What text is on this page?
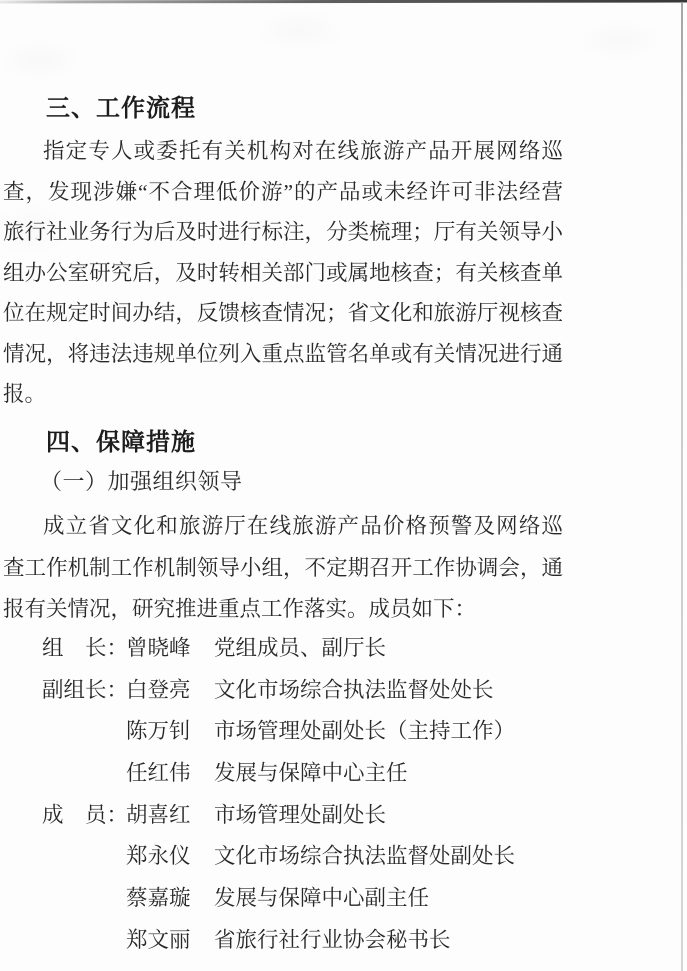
三、工作流程
指定专人或委托有关机构对在线旅游产品开展网络巡
查，发现涉嫌“不合理低价游”的产品或未经许可非法经营
旅行社业务行为后及时进行标注，分类梳理；厅有关领导小
组办公室研究后，及时转相关部门或属地核查；有关核查单
位在规定时间办结，反馈核查情况；省文化和旅游厅视核查
情况，将违法违规单位列入重点监管名单或有关情况进行通
报。
四、保障措施
（一）加强组织领导
成立省文化和旅游厅在线旅游产品价格预警及网络巡
查工作机制工作机制领导小组，不定期召开工作协调会，通
报有关情况，研究推进重点工作落实。成员如下：
组　长：
曾晓峰 党组成员、副厅长
副组长：
白登亮 文化市场综合执法监督处处长
陈万钊 市场管理处副处长（主持工作）
任红伟 发展与保障中心主任
成　员：
胡喜红 市场管理处副处长
郑永仪 文化市场综合执法监督处副处长
蔡嘉璇 发展与保障中心副主任
郑文丽 省旅行社行业协会秘书长
